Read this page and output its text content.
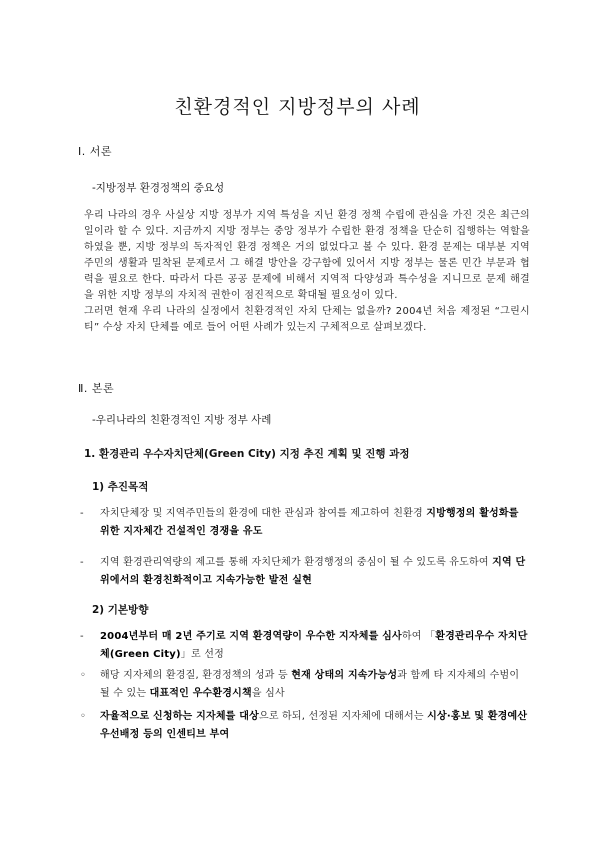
친환경적인 지방정부의 사례
Ⅰ. 서론
-지방정부 환경정책의 중요성

우리 나라의 경우 사실상 지방 정부가 지역 특성을 지닌 환경 정책 수립에 관심을 가진 것은 최근의 일이라 할 수 있다. 지금까지 지방 정부는 중앙 정부가 수립한 환경 정책을 단순히 집행하는 역할을 하였을 뿐, 지방 정부의 독자적인 환경 정책은 거의 없었다고 볼 수 있다. 환경 문제는 대부분 지역 주민의 생활과 밀착된 문제로서 그 해결 방안을 강구함에 있어서 지방 정부는 물론 민간 부문과 협력을 필요로 한다. 따라서 다른 공공 문제에 비해서 지역적 다양성과 특수성을 지니므로 문제 해결을 위한 지방 정부의 자치적 권한이 점진적으로 확대될 필요성이 있다.

그러면 현재 우리 나라의 실정에서 친환경적인 자치 단체는 없을까? 2004년 처음 제정된 “그린시티” 수상 자치 단체를 예로 들어 어떤 사례가 있는지 구체적으로 살펴보겠다.

Ⅱ. 본론
-우리나라의 친환경적인 지방 정부 사례
1. 환경관리 우수자치단체(Green City) 지정 추진 계획 및 진행 과정
1) 추진목적
-	자치단체장 및 지역주민들의 환경에 대한 관심과 참여를 제고하여 친환경 지방행정의 활성화를 위한 지자체간 건설적인 경쟁을 유도
-	지역 환경관리역량의 제고를 통해 자치단체가 환경행정의 중심이 될 수 있도록 유도하여 지역 단위에서의 환경친화적이고 지속가능한 발전 실현
2) 기본방향
-	2004년부터 매 2년 주기로 지역 환경역량이 우수한 지자체를 심사하여 「환경관리우수 자치단체(Green City)」로 선정
◦	해당 지자체의 환경질, 환경정책의 성과 등 현재 상태의 지속가능성과 함께 타 지자체의 수범이 될 수 있는 대표적인 우수환경시책을 심사
◦	자율적으로 신청하는 지자체를 대상으로 하되, 선정된 지자체에 대해서는 시상·홍보 및 환경예산 우선배정 등의 인센티브 부여
